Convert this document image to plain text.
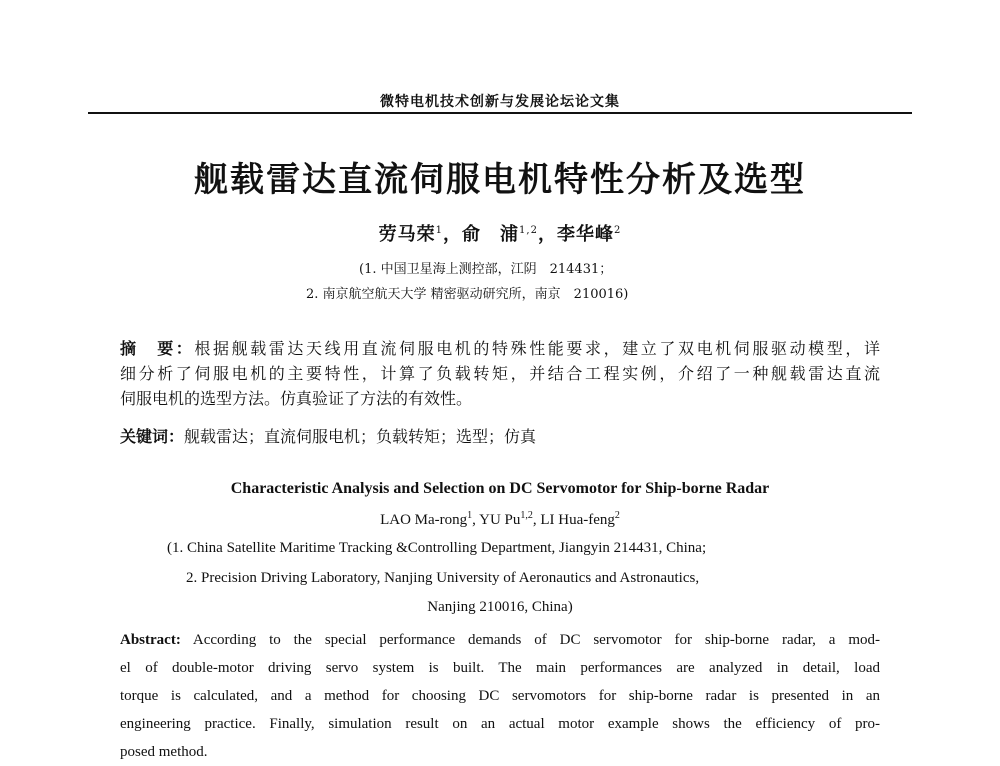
微特电机技术创新与发展论坛论文集
舰载雷达直流伺服电机特性分析及选型
劳马荣$^1$，俞　浦$^{1,2}$，李华峰$^2$
(1. 中国卫星海上测控部，江阴　214431；
2. 南京航空航天大学 精密驱动研究所，南京　210016)
摘　要：根据舰载雷达天线用直流伺服电机的特殊性能要求，建立了双电机伺服驱动模型，详
细分析了伺服电机的主要特性，计算了负载转矩，并结合工程实例，介绍了一种舰载雷达直流
伺服电机的选型方法。仿真验证了方法的有效性。
关键词：舰载雷达；直流伺服电机；负载转矩；选型；仿真
Characteristic Analysis and Selection on DC Servomotor for Ship-borne Radar
LAO Ma-rong$^1$, YU Pu$^{1,2}$, LI Hua-feng$^2$
(1. China Satellite Maritime Tracking &Controlling Department, Jiangyin 214431, China;
2. Precision Driving Laboratory, Nanjing University of Aeronautics and Astronautics,
Nanjing 210016, China)
Abstract: According to the special performance demands of DC servomotor for ship-borne radar, a mod-
el of double-motor driving servo system is built. The main performances are analyzed in detail, load
torque is calculated, and a method for choosing DC servomotors for ship-borne radar is presented in an
engineering practice. Finally, simulation result on an actual motor example shows the efficiency of pro-
posed method.
